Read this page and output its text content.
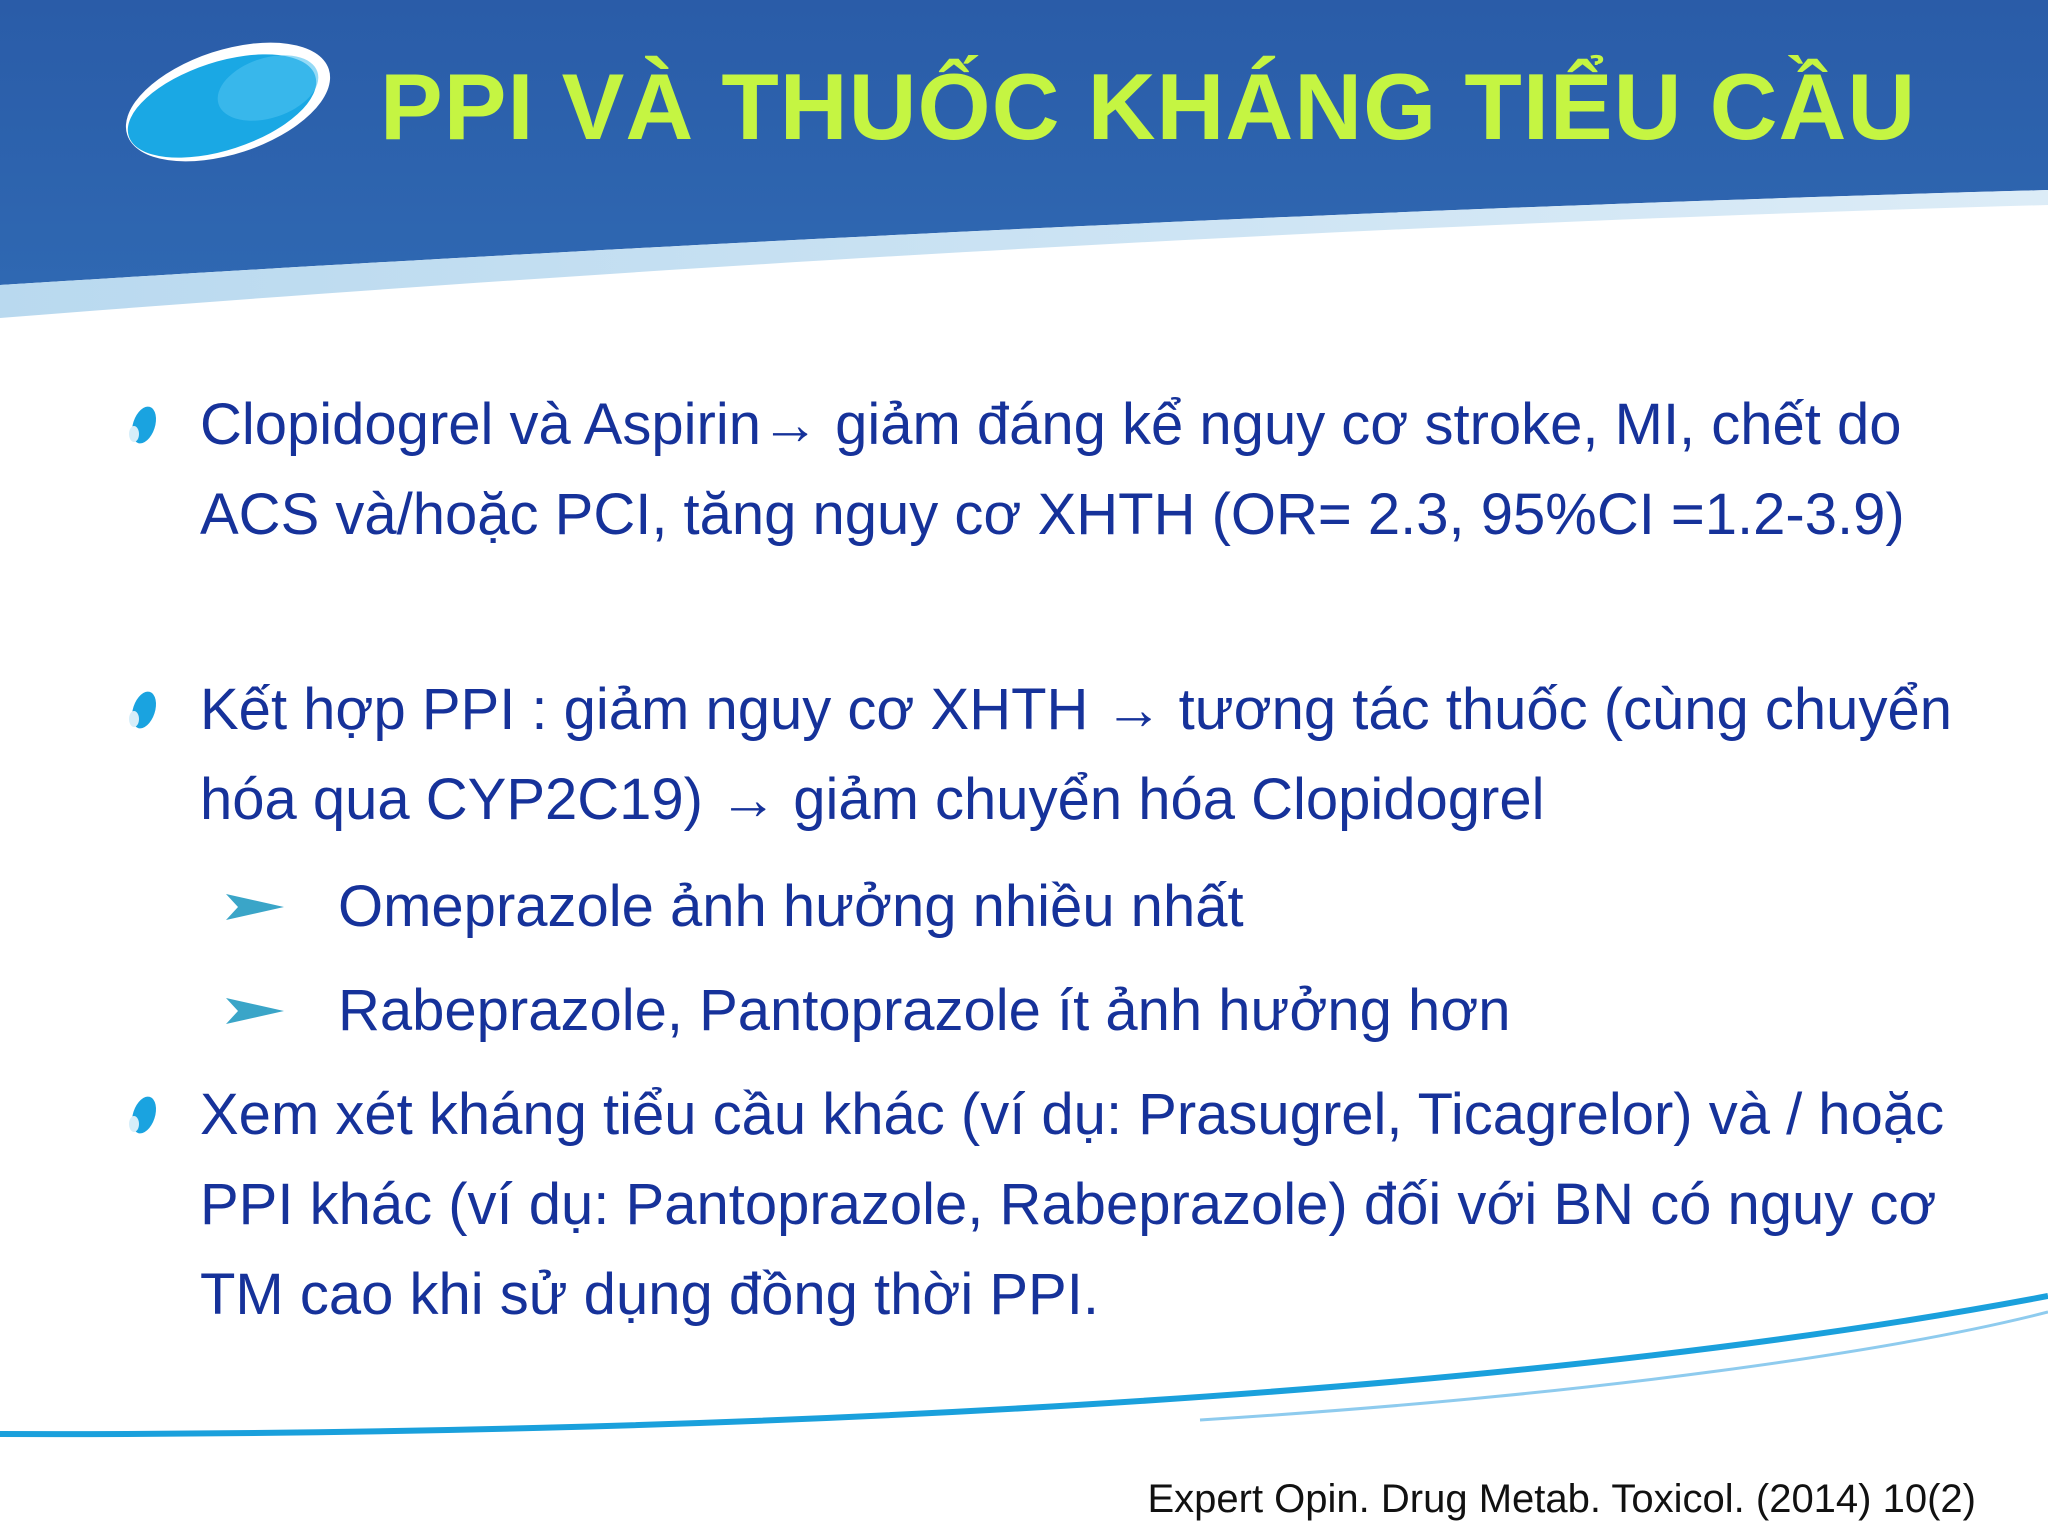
PPI VÀ THUỐC KHÁNG TIỂU CẦU
Clopidogrel và Aspirin→ giảm đáng kể nguy cơ stroke, MI, chết do ACS và/hoặc PCI, tăng nguy cơ XHTH (OR= 2.3, 95%CI =1.2-3.9)
Kết hợp PPI : giảm nguy cơ XHTH → tương tác thuốc (cùng chuyển hóa qua CYP2C19) → giảm chuyển hóa Clopidogrel
Omeprazole ảnh hưởng nhiều nhất
Rabeprazole, Pantoprazole ít ảnh hưởng hơn
Xem xét kháng tiểu cầu khác (ví dụ: Prasugrel, Ticagrelor) và / hoặc PPI khác (ví dụ: Pantoprazole, Rabeprazole) đối với BN có nguy cơ TM cao khi sử dụng đồng thời PPI.
Expert Opin. Drug Metab. Toxicol. (2014) 10(2)
